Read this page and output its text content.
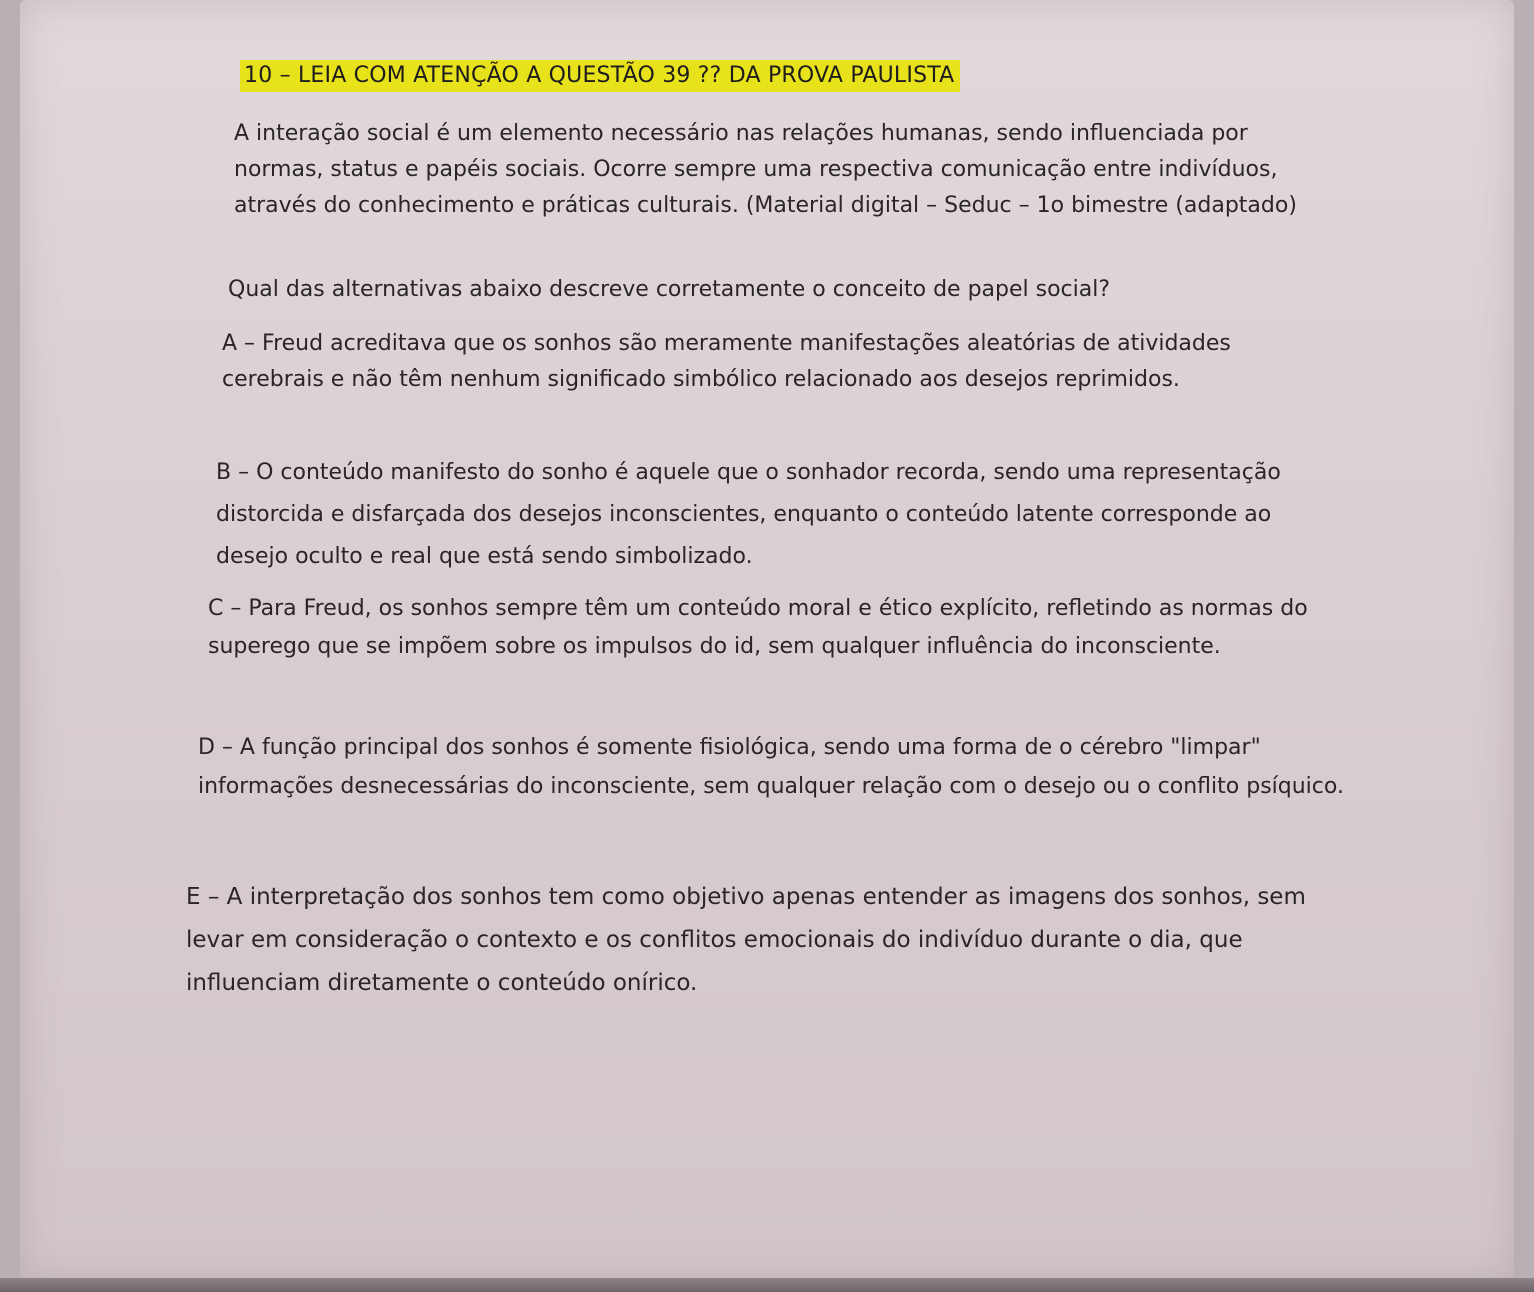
10 – LEIA COM ATENÇÃO A QUESTÃO 39 ?? DA PROVA PAULISTA

A interação social é um elemento necessário nas relações humanas, sendo influenciada por normas, status e papéis sociais. Ocorre sempre uma respectiva comunicação entre indivíduos, através do conhecimento e práticas culturais. (Material digital – Seduc – 1o bimestre (adaptado)

Qual das alternativas abaixo descreve corretamente o conceito de papel social?

A – Freud acreditava que os sonhos são meramente manifestações aleatórias de atividades cerebrais e não têm nenhum significado simbólico relacionado aos desejos reprimidos.

B – O conteúdo manifesto do sonho é aquele que o sonhador recorda, sendo uma representação distorcida e disfarçada dos desejos inconscientes, enquanto o conteúdo latente corresponde ao desejo oculto e real que está sendo simbolizado.

C – Para Freud, os sonhos sempre têm um conteúdo moral e ético explícito, refletindo as normas do superego que se impõem sobre os impulsos do id, sem qualquer influência do inconsciente.

D – A função principal dos sonhos é somente fisiológica, sendo uma forma de o cérebro "limpar" informações desnecessárias do inconsciente, sem qualquer relação com o desejo ou o conflito psíquico.

E – A interpretação dos sonhos tem como objetivo apenas entender as imagens dos sonhos, sem levar em consideração o contexto e os conflitos emocionais do indivíduo durante o dia, que influenciam diretamente o conteúdo onírico.
